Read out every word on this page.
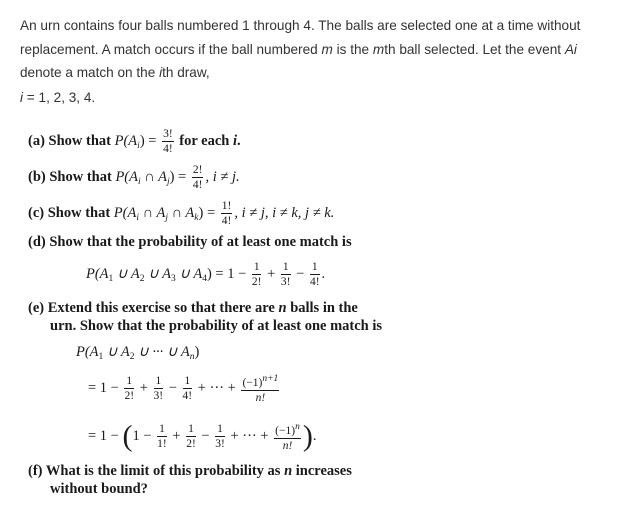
An urn contains four balls numbered 1 through 4. The balls are selected one at a time without replacement. A match occurs if the ball numbered m is the mth ball selected. Let the event Ai denote a match on the ith draw,
i = 1, 2, 3, 4.
(a) Show that $P(A_i) = \frac{3!}{4!}$ for each i.
(b) Show that $P(A_i$ ∩ $A_j) = \frac{2!}{4!}$ , i ≠ j.
(c) Show that $P(A_i$ ∩ $A_j$ ∩ $A_k) = \frac{1!}{4!}$ , i ≠ j, i ≠ k, j ≠ k.
(d) Show that the probability of at least one match is
$P(A_1$ ∪ $A_2$ ∪ $A_3$ ∪ $A_4) = 1 - \frac{1}{2!} + \frac{1}{3!} - \frac{1}{4!}$ .
(e) Extend this exercise so that there are n balls in the
urn. Show that the probability of at least one match is
$P(A_1$ ∪ $A_2$ ∪ ··· ∪ $A_n$)
= $1 - \frac{1}{2!} + \frac{1}{3!} - \frac{1}{4!}$ + ··· + $\frac{(-1)^{n+1}}{n!}$
= $1 - (1 - \frac{1}{1!} + \frac{1}{2!} - \frac{1}{3!}$ + ··· + $\frac{(-1)^n}{n!}$ ).
(f) What is the limit of this probability as n increases
without bound?
